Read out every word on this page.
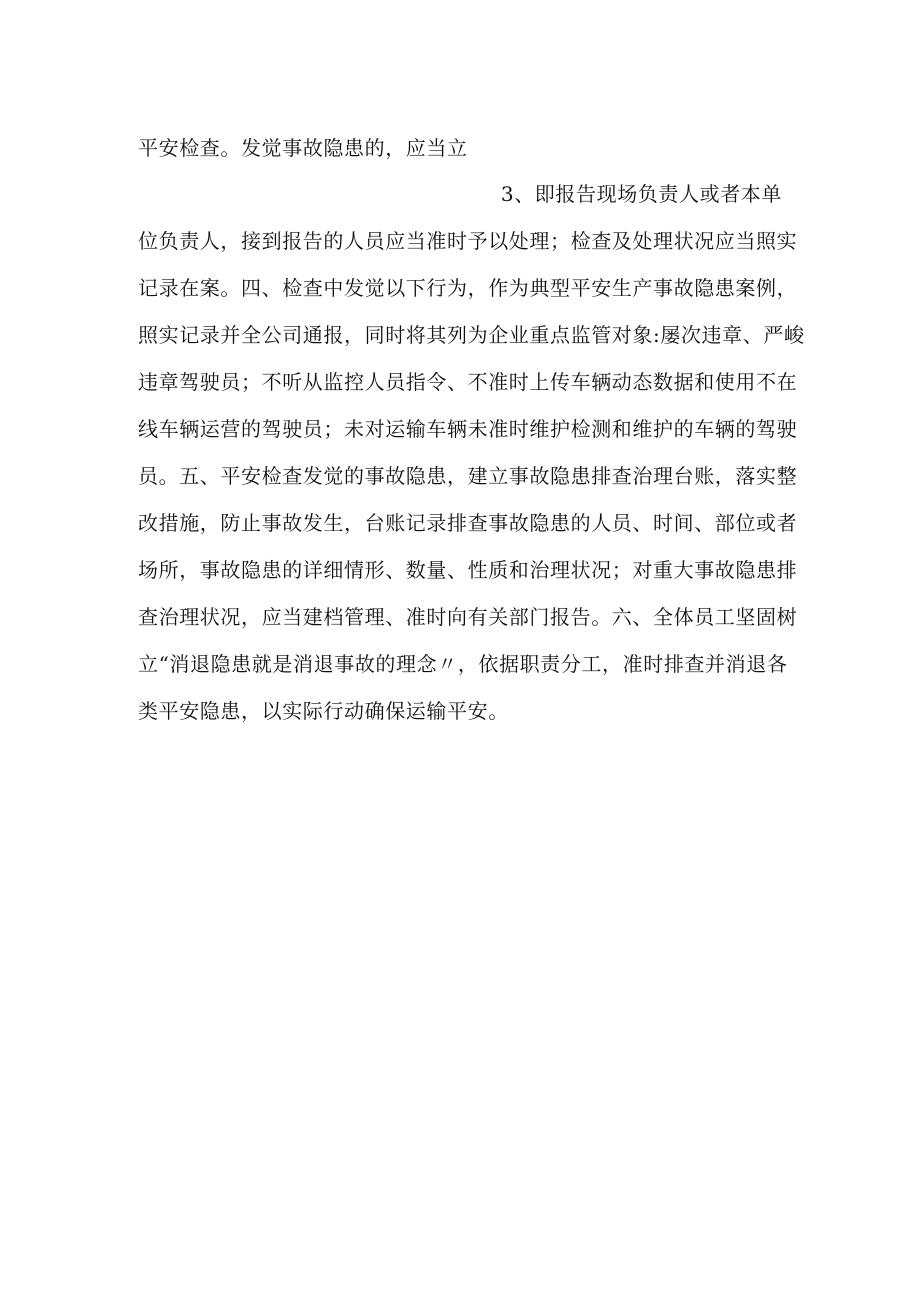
平安检查。发觉事故隐患的，应当立
3、即报告现场负责人或者本单
位负责人，接到报告的人员应当准时予以处理；检查及处理状况应当照实
记录在案。四、检查中发觉以下行为，作为典型平安生产事故隐患案例，
照实记录并全公司通报，同时将其列为企业重点监管对象:屡次违章、严峻
违章驾驶员；不听从监控人员指令、不准时上传车辆动态数据和使用不在
线车辆运营的驾驶员；未对运输车辆未准时维护检测和维护的车辆的驾驶
员。五、平安检查发觉的事故隐患，建立事故隐患排查治理台账，落实整
改措施，防止事故发生，台账记录排查事故隐患的人员、时间、部位或者
场所，事故隐患的详细情形、数量、性质和治理状况；对重大事故隐患排
查治理状况，应当建档管理、准时向有关部门报告。六、全体员工坚固树
立“消退隐患就是消退事故的理念〃，依据职责分工，准时排查并消退各
类平安隐患，以实际行动确保运输平安。
